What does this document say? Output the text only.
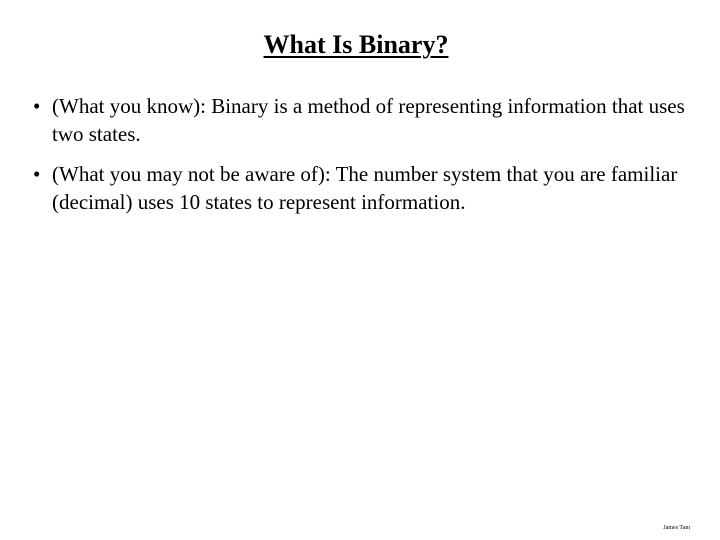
What Is Binary?
• (What you know): Binary is a method of representing information that uses two states.
• (What you may not be aware of): The number system that you are familiar (decimal) uses 10 states to represent information.
James Tam
